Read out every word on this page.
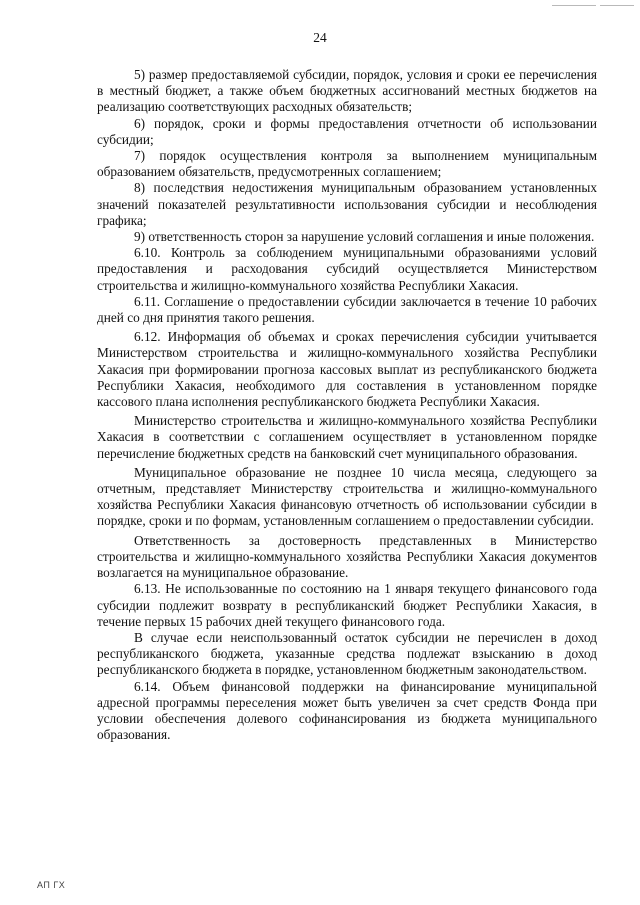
24

5) размер предоставляемой субсидии, порядок, условия и сроки ее перечисления в местный бюджет, а также объем бюджетных ассигнований местных бюджетов на реализацию соответствующих расходных обязательств;

6) порядок, сроки и формы предоставления отчетности об использовании субсидии;

7) порядок осуществления контроля за выполнением муниципальным образованием обязательств, предусмотренных соглашением;

8) последствия недостижения муниципальным образованием установленных значений показателей результативности использования субсидии и несоблюдения графика;

9) ответственность сторон за нарушение условий соглашения и иные положения.

6.10. Контроль за соблюдением муниципальными образованиями условий предоставления и расходования субсидий осуществляется Министерством строительства и жилищно-коммунального хозяйства Республики Хакасия.

6.11. Соглашение о предоставлении субсидии заключается в течение 10 рабочих дней со дня принятия такого решения.

6.12. Информация об объемах и сроках перечисления субсидии учитывается Министерством строительства и жилищно-коммунального хозяйства Республики Хакасия при формировании прогноза кассовых выплат из республиканского бюджета Республики Хакасия, необходимого для составления в установленном порядке кассового плана исполнения республиканского бюджета Республики Хакасия.

Министерство строительства и жилищно-коммунального хозяйства Республики Хакасия в соответствии с соглашением осуществляет в установленном порядке перечисление бюджетных средств на банковский счет муниципального образования.

Муниципальное образование не позднее 10 числа месяца, следующего за отчетным, представляет Министерству строительства и жилищно-коммунального хозяйства Республики Хакасия финансовую отчетность об использовании субсидии в порядке, сроки и по формам, установленным соглашением о предоставлении субсидии.

Ответственность за достоверность представленных в Министерство строительства и жилищно-коммунального хозяйства Республики Хакасия документов возлагается на муниципальное образование.

6.13. Не использованные по состоянию на 1 января текущего финансового года субсидии подлежит возврату в республиканский бюджет Республики Хакасия, в течение первых 15 рабочих дней текущего финансового года.

В случае если неиспользованный остаток субсидии не перечислен в доход республиканского бюджета, указанные средства подлежат взысканию в доход республиканского бюджета в порядке, установленном бюджетным законодательством.

6.14. Объем финансовой поддержки на финансирование муниципальной адресной программы переселения может быть увеличен за счет средств Фонда при условии обеспечения долевого софинансирования из бюджета муниципального образования.

АП ГХ
